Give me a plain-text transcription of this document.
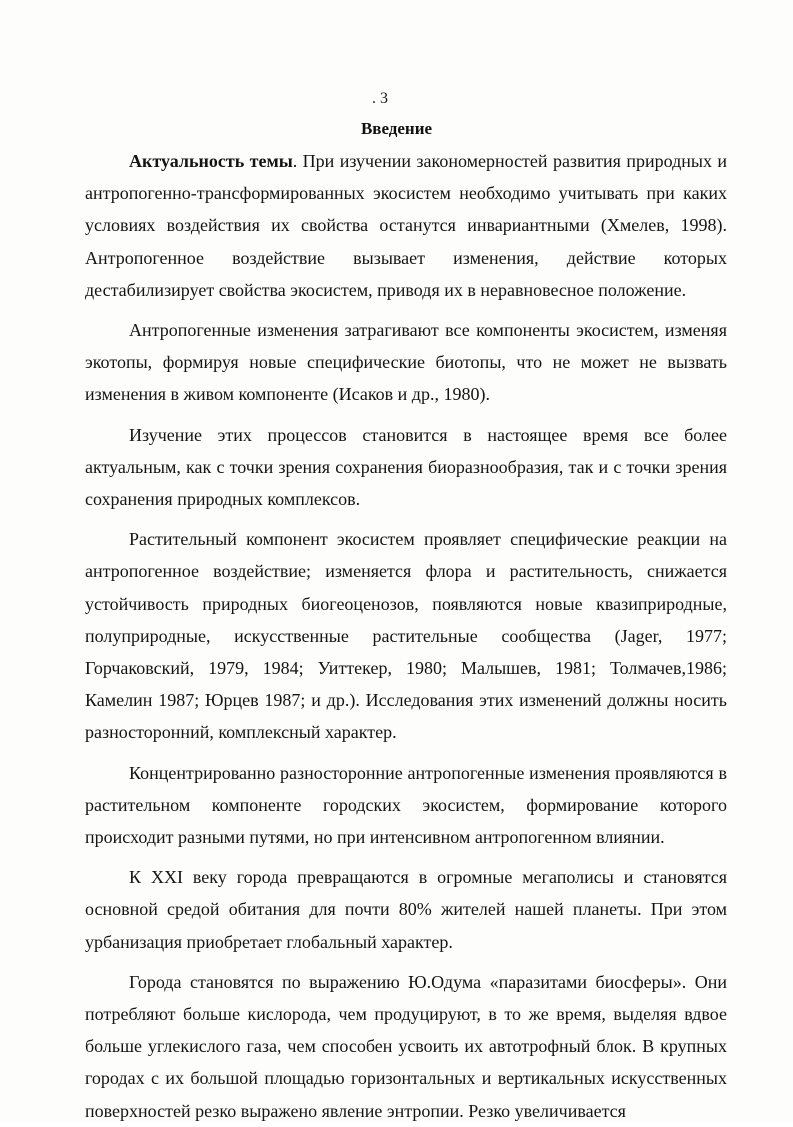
. 3
Введение

Актуальность темы. При изучении закономерностей развития природных и антропогенно-трансформированных экосистем необходимо учитывать при каких условиях воздействия их свойства останутся инвариантными (Хмелев, 1998). Антропогенное воздействие вызывает изменения, действие которых дестабилизирует свойства экосистем, приводя их в неравновесное положение.

Антропогенные изменения затрагивают все компоненты экосистем, изменяя экотопы, формируя новые специфические биотопы, что не может не вызвать изменения в живом компоненте (Исаков и др., 1980).

Изучение этих процессов становится в настоящее время все более актуальным, как с точки зрения сохранения биоразнообразия, так и с точки зрения сохранения природных комплексов.

Растительный компонент экосистем проявляет специфические реакции на антропогенное воздействие; изменяется флора и растительность, снижается устойчивость природных биогеоценозов, появляются новые квазиприродные, полуприродные, искусственные растительные сообщества (Jager, 1977; Горчаковский, 1979, 1984; Уиттекер, 1980; Малышев, 1981; Толмачев,1986; Камелин 1987; Юрцев 1987; и др.). Исследования этих изменений должны носить разносторонний, комплексный характер.

Концентрированно разносторонние антропогенные изменения проявляются в растительном компоненте городских экосистем, формирование которого происходит разными путями, но при интенсивном антропогенном влиянии.

К XXI веку города превращаются в огромные мегаполисы и становятся основной средой обитания для почти 80% жителей нашей планеты. При этом урбанизация приобретает глобальный характер.

Города становятся по выражению Ю.Одума «паразитами биосферы». Они потребляют больше кислорода, чем продуцируют, в то же время, выделяя вдвое больше углекислого газа, чем способен усвоить их автотрофный блок. В крупных городах с их большой площадью горизонтальных и вертикальных искусственных поверхностей резко выражено явление энтропии. Резко увеличивается
